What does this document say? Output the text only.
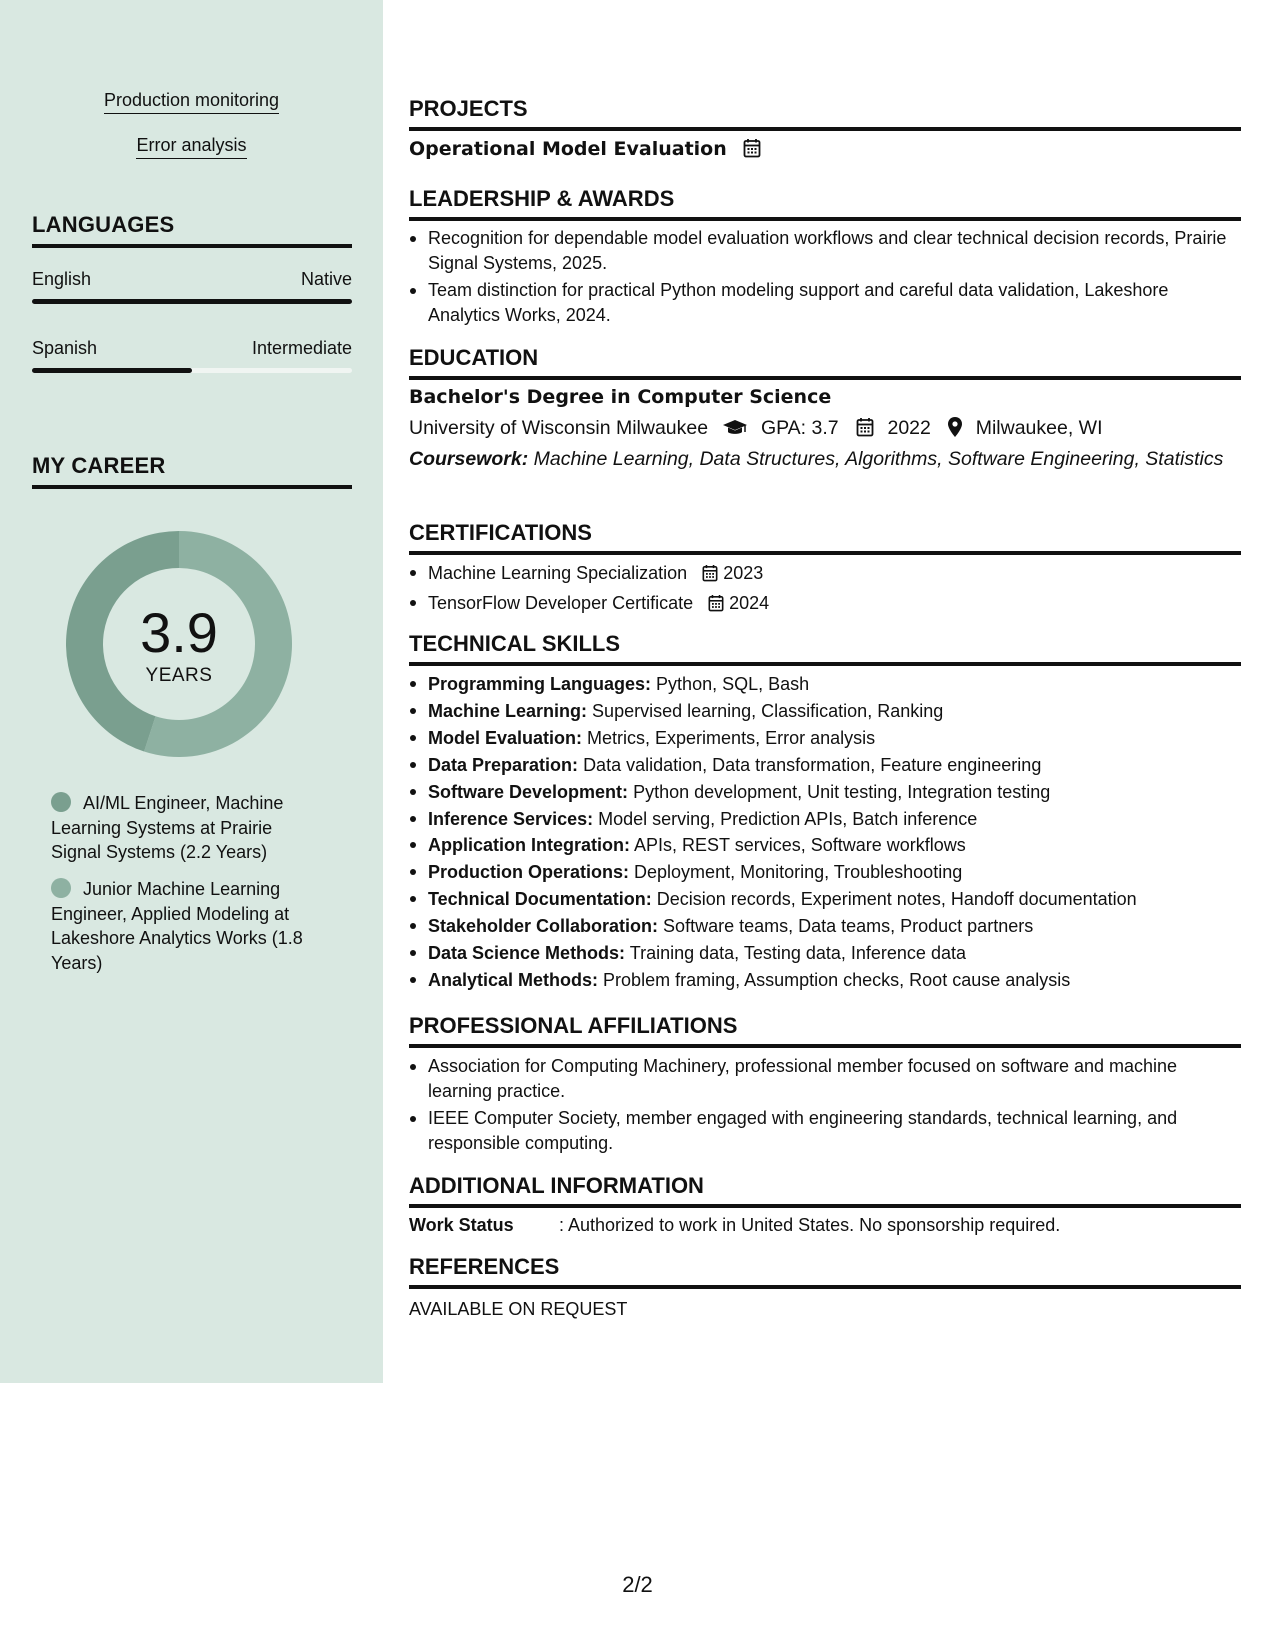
Production monitoring
Error analysis
LANGUAGES
English	Native
Spanish	Intermediate
MY CAREER
3.9
YEARS
AI/ML Engineer, Machine Learning Systems at Prairie Signal Systems (2.2 Years)
Junior Machine Learning Engineer, Applied Modeling at Lakeshore Analytics Works (1.8 Years)
PROJECTS
Operational Model Evaluation
LEADERSHIP & AWARDS
Recognition for dependable model evaluation workflows and clear technical decision records, Prairie Signal Systems, 2025.
Team distinction for practical Python modeling support and careful data validation, Lakeshore Analytics Works, 2024.
EDUCATION
Bachelor's Degree in Computer Science
University of Wisconsin Milwaukee	GPA: 3.7	2022 Milwaukee, WI
Coursework: Machine Learning, Data Structures, Algorithms, Software Engineering, Statistics
CERTIFICATIONS
Machine Learning Specialization 2023
TensorFlow Developer Certificate 2024
TECHNICAL SKILLS
Programming Languages: Python, SQL, Bash
Machine Learning: Supervised learning, Classification, Ranking
Model Evaluation: Metrics, Experiments, Error analysis
Data Preparation: Data validation, Data transformation, Feature engineering
Software Development: Python development, Unit testing, Integration testing
Inference Services: Model serving, Prediction APIs, Batch inference
Application Integration: APIs, REST services, Software workflows
Production Operations: Deployment, Monitoring, Troubleshooting
Technical Documentation: Decision records, Experiment notes, Handoff documentation
Stakeholder Collaboration: Software teams, Data teams, Product partners
Data Science Methods: Training data, Testing data, Inference data
Analytical Methods: Problem framing, Assumption checks, Root cause analysis
PROFESSIONAL AFFILIATIONS
Association for Computing Machinery, professional member focused on software and machine learning practice.
IEEE Computer Society, member engaged with engineering standards, technical learning, and responsible computing.
ADDITIONAL INFORMATION
Work Status	: Authorized to work in United States. No sponsorship required.
REFERENCES
AVAILABLE ON REQUEST
2/2
